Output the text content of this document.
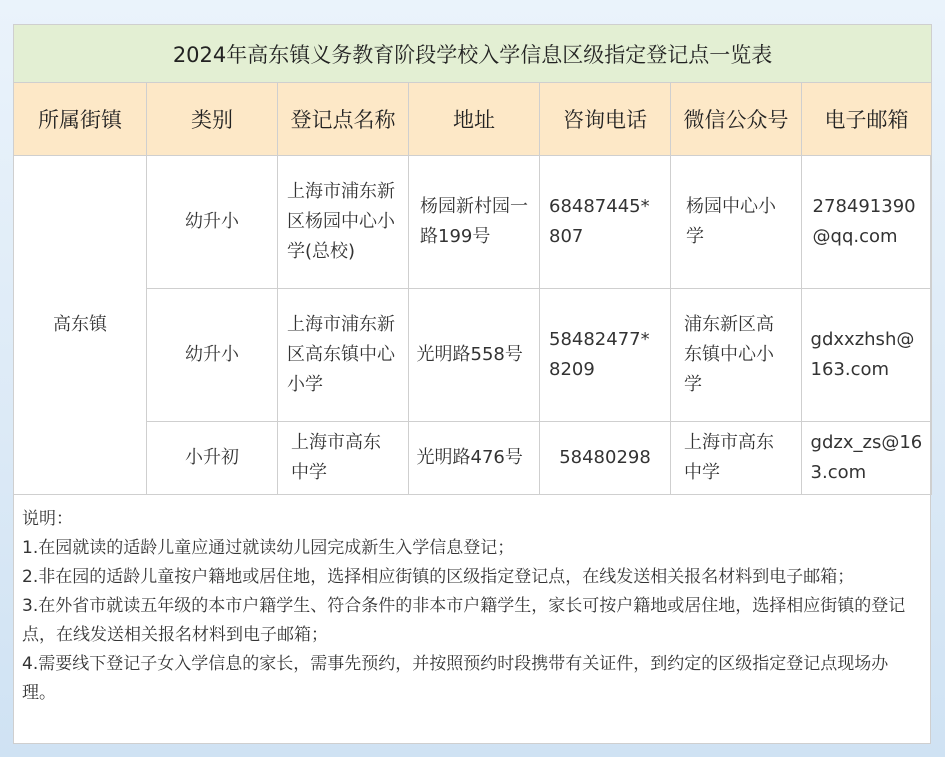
2024年高东镇义务教育阶段学校入学信息区级指定登记点一览表						
所属街镇	类别	登记点名称	地址	咨询电话	微信公众号	电子邮箱
高东镇	幼升小	上海市浦东新区杨园中心小学(总校)	杨园新村园一路199号	68487445*807	杨园中心小学	278491390@qq.com
	幼升小	上海市浦东新区高东镇中心小学	光明路558号	58482477*8209	浦东新区高东镇中心小学	gdxxzhsh@163.com
	小升初	上海市高东中学	光明路476号	58480298	上海市高东中学	gdzx_zs@163.com

说明：

1.在园就读的适龄儿童应通过就读幼儿园完成新生入学信息登记；

2.非在园的适龄儿童按户籍地或居住地，选择相应街镇的区级指定登记点，在线发送相关报名材料到电子邮箱；

3.在外省市就读五年级的本市户籍学生、符合条件的非本市户籍学生，家长可按户籍地或居住地，选择相应街镇的登记点，在线发送相关报名材料到电子邮箱；

4.需要线下登记子女入学信息的家长，需事先预约，并按照预约时段携带有关证件，到约定的区级指定登记点现场办理。
